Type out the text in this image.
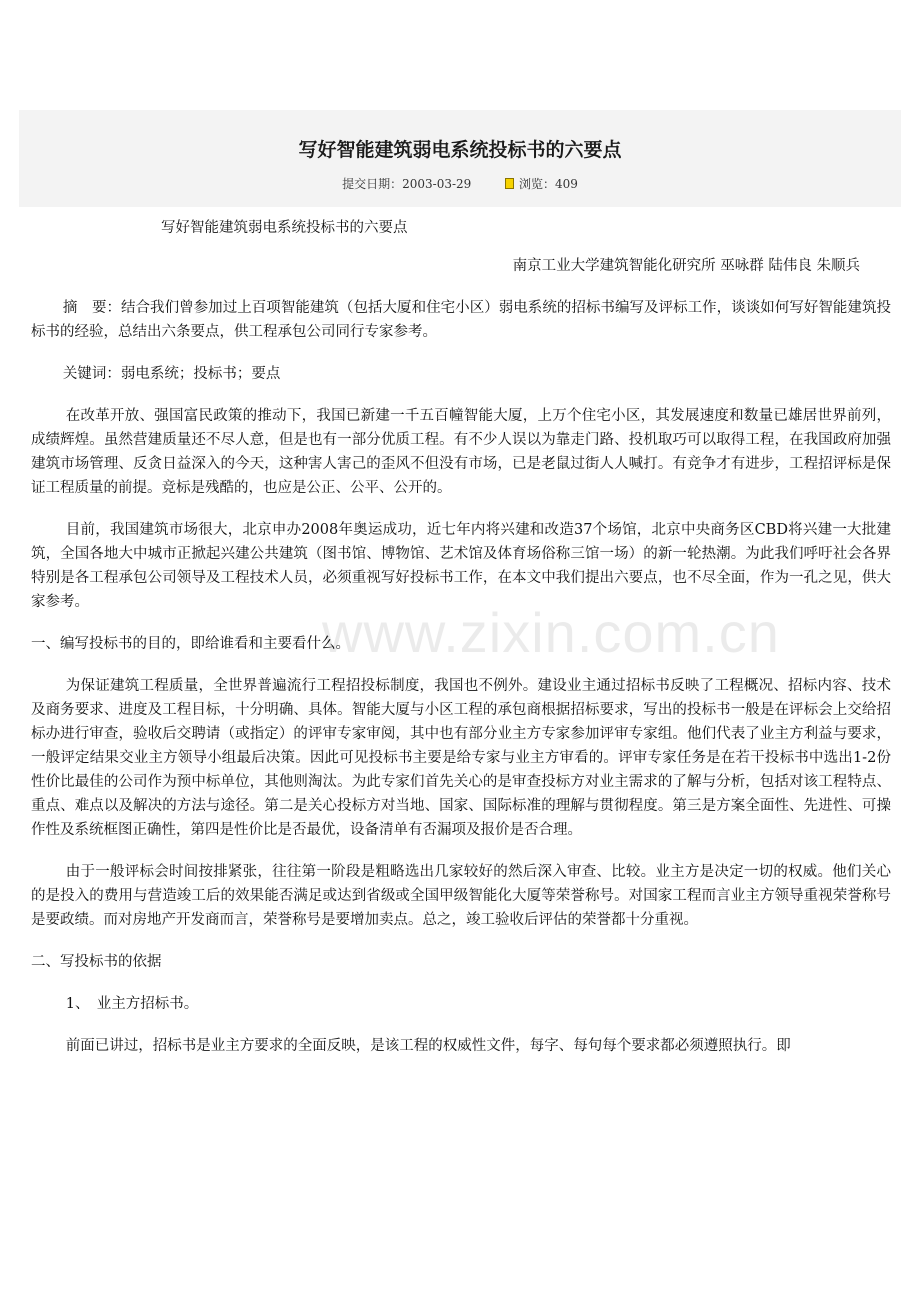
写好智能建筑弱电系统投标书的六要点
提交日期：2003-03-29	浏览：409

写好智能建筑弱电系统投标书的六要点

南京工业大学建筑智能化研究所 巫咏群 陆伟良 朱顺兵

摘　要：结合我们曾参加过上百项智能建筑（包括大厦和住宅小区）弱电系统的招标书编写及评标工作，谈谈如何写好智能建筑投标书的经验，总结出六条要点，供工程承包公司同行专家参考。

关键词：弱电系统；投标书；要点

在改革开放、强国富民政策的推动下，我国已新建一千五百幢智能大厦，上万个住宅小区，其发展速度和数量已雄居世界前列，成绩辉煌。虽然营建质量还不尽人意，但是也有一部分优质工程。有不少人误以为靠走门路、投机取巧可以取得工程，在我国政府加强建筑市场管理、反贪日益深入的今天，这种害人害己的歪风不但没有市场，已是老鼠过街人人喊打。有竞争才有进步，工程招评标是保证工程质量的前提。竞标是残酷的，也应是公正、公平、公开的。

目前，我国建筑市场很大，北京申办2008年奥运成功，近七年内将兴建和改造37个场馆，北京中央商务区CBD将兴建一大批建筑，全国各地大中城市正掀起兴建公共建筑（图书馆、博物馆、艺术馆及体育场俗称三馆一场）的新一轮热潮。为此我们呼吁社会各界特别是各工程承包公司领导及工程技术人员，必须重视写好投标书工作，在本文中我们提出六要点，也不尽全面，作为一孔之见，供大家参考。

一、编写投标书的目的，即给谁看和主要看什么。

为保证建筑工程质量，全世界普遍流行工程招投标制度，我国也不例外。建设业主通过招标书反映了工程概况、招标内容、技术及商务要求、进度及工程目标，十分明确、具体。智能大厦与小区工程的承包商根据招标要求，写出的投标书一般是在评标会上交给招标办进行审查，验收后交聘请（或指定）的评审专家审阅，其中也有部分业主方专家参加评审专家组。他们代表了业主方利益与要求，一般评定结果交业主方领导小组最后决策。因此可见投标书主要是给专家与业主方审看的。评审专家任务是在若干投标书中选出1-2份性价比最佳的公司作为预中标单位，其他则淘汰。为此专家们首先关心的是审查投标方对业主需求的了解与分析，包括对该工程特点、重点、难点以及解决的方法与途径。第二是关心投标方对当地、国家、国际标准的理解与贯彻程度。第三是方案全面性、先进性、可操作性及系统框图正确性，第四是性价比是否最优，设备清单有否漏项及报价是否合理。

由于一般评标会时间按排紧张，往往第一阶段是粗略选出几家较好的然后深入审查、比较。业主方是决定一切的权威。他们关心的是投入的费用与营造竣工后的效果能否满足或达到省级或全国甲级智能化大厦等荣誉称号。对国家工程而言业主方领导重视荣誉称号是要政绩。而对房地产开发商而言，荣誉称号是要增加卖点。总之，竣工验收后评估的荣誉都十分重视。

二、写投标书的依据

1、　业主方招标书。

前面已讲过，招标书是业主方要求的全面反映，是该工程的权威性文件，每字、每句每个要求都必须遵照执行。即

www.zixin.com.cn
